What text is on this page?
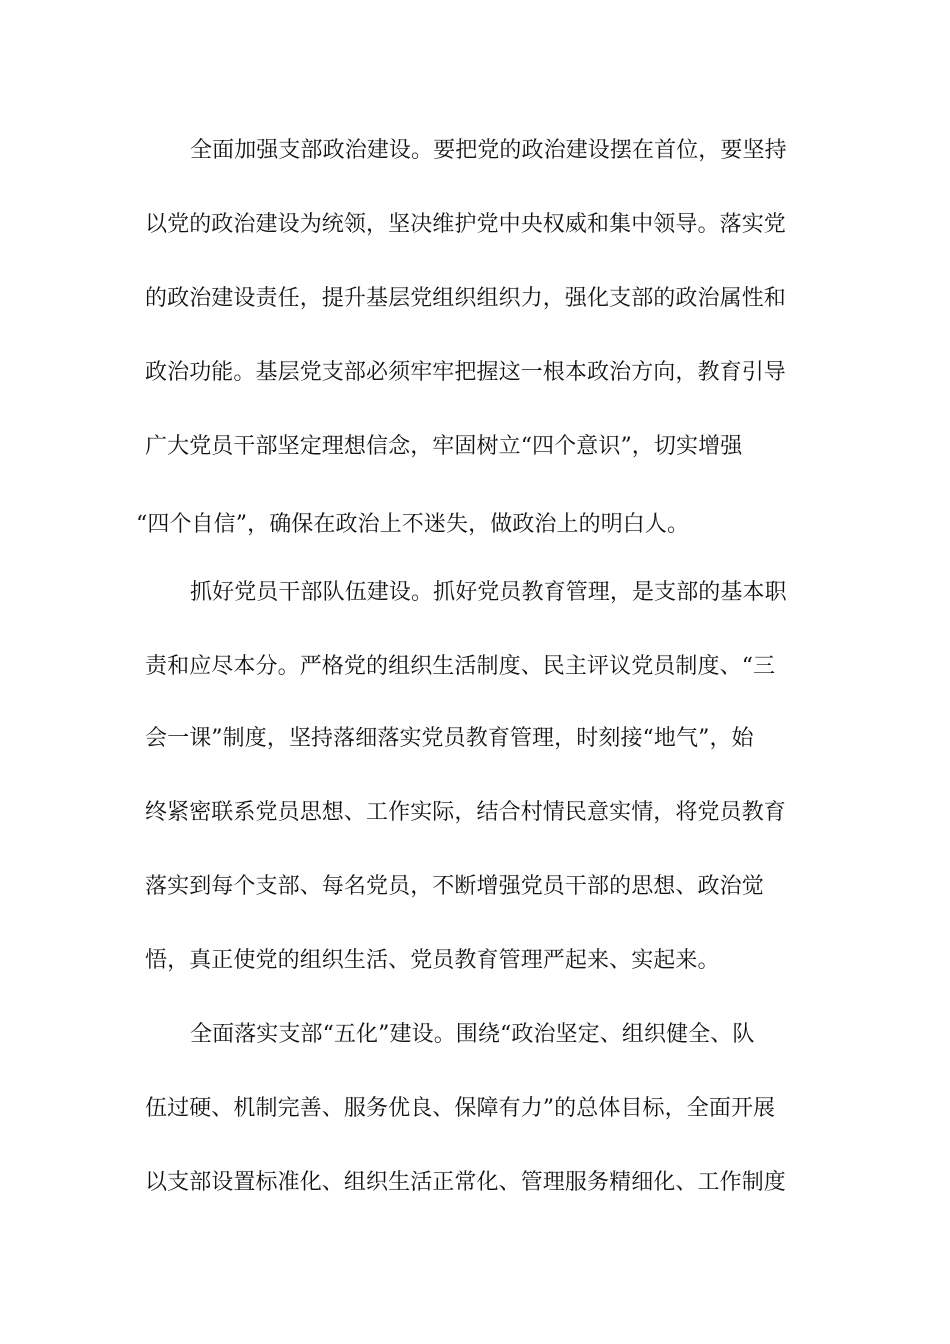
全面加强支部政治建设。要把党的政治建设摆在首位，要坚持

以党的政治建设为统领，坚决维护党中央权威和集中领导。落实党

的政治建设责任，提升基层党组织组织力，强化支部的政治属性和

政治功能。基层党支部必须牢牢把握这一根本政治方向，教育引导

广大党员干部坚定理想信念，牢固树立“四个意识”，切实增强

“四个自信”，确保在政治上不迷失，做政治上的明白人。

抓好党员干部队伍建设。抓好党员教育管理，是支部的基本职

责和应尽本分。严格党的组织生活制度、民主评议党员制度、“三

会一课”制度，坚持落细落实党员教育管理，时刻接“地气”，始

终紧密联系党员思想、工作实际，结合村情民意实情，将党员教育

落实到每个支部、每名党员，不断增强党员干部的思想、政治觉

悟，真正使党的组织生活、党员教育管理严起来、实起来。

全面落实支部“五化”建设。围绕“政治坚定、组织健全、队

伍过硬、机制完善、服务优良、保障有力”的总体目标，全面开展

以支部设置标准化、组织生活正常化、管理服务精细化、工作制度
